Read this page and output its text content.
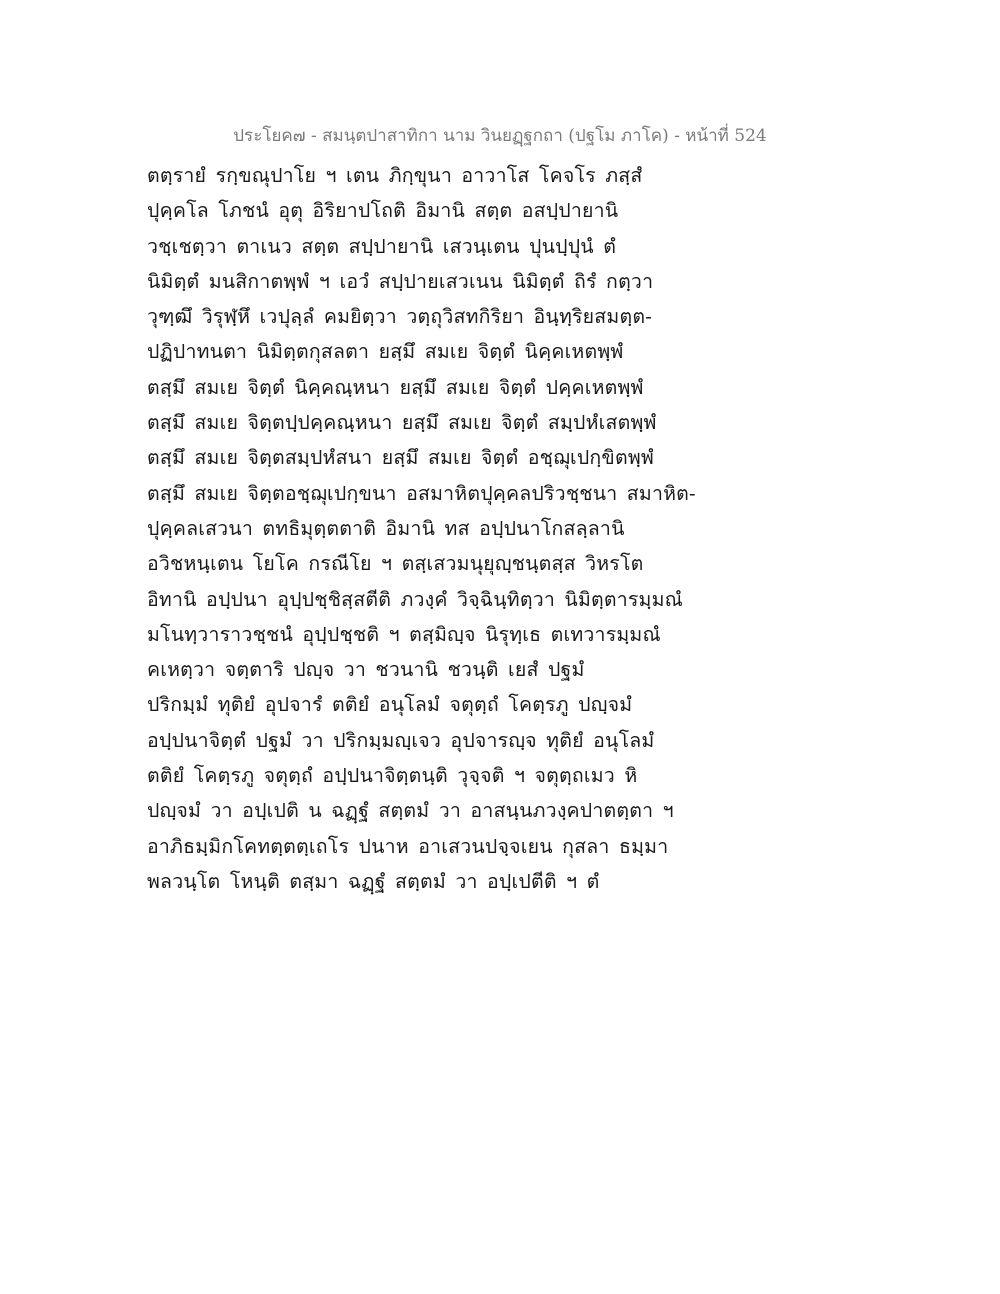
ประโยค๗ - สมนฺตปาสาทิกา นาม วินยฏฺฐกถา (ปฐโม ภาโค) - หน้าที่ 524
ตตฺรายํ รกฺขณุปาโย ฯ เตน ภิกฺขุนา อาวาโส โคจโร ภสฺสํ
ปุคฺคโล โภชนํ อุตุ อิริยาปโถติ อิมานิ สตฺต อสปฺปายานิ
วชฺเชตฺวา ตาเนว สตฺต สปฺปายานิ เสวนฺเตน ปุนปฺปุนํ ตํ
นิมิตฺตํ มนสิกาตพฺพํ ฯ เอวํ สปฺปายเสวเนน นิมิตฺตํ ถิรํ กตฺวา
วุฑฺฒึ วิรุฬฺหึ เวปุลฺลํ คมยิตฺวา วตฺถุวิสทกิริยา อินฺทฺริยสมตฺต-
ปฏิปาทนตา นิมิตฺตกุสลตา ยสฺมึ สมเย จิตฺตํ นิคฺคเหตพฺพํ
ตสฺมึ สมเย จิตฺตํ นิคฺคณฺหนา ยสฺมึ สมเย จิตฺตํ ปคฺคเหตพฺพํ
ตสฺมึ สมเย จิตฺตปฺปคฺคณฺหนา ยสฺมึ สมเย จิตฺตํ สมฺปหํเสตพฺพํ
ตสฺมึ สมเย จิตฺตสมฺปหํสนา ยสฺมึ สมเย จิตฺตํ อชฺฌุเปกฺขิตพฺพํ
ตสฺมึ สมเย จิตฺตอชฺฌุเปกฺขนา อสมาหิตปุคฺคลปริวชฺชนา สมาหิต-
ปุคฺคลเสวนา ตทธิมุตฺตตาติ อิมานิ ทส อปฺปนาโกสลฺลานิ
อวิชหนฺเตน โยโค กรณีโย ฯ ตสฺเสวมนุยุญฺชนฺตสฺส วิหรโต
อิทานิ อปฺปนา อุปฺปชฺชิสฺสตีติ ภวงฺคํ วิจฺฉินฺทิตฺวา นิมิตฺตารมฺมณํ
มโนทฺวาราวชฺชนํ อุปฺปชฺชติ ฯ ตสฺมิญฺจ นิรุทฺเธ ตเทวารมฺมณํ
คเหตฺวา จตฺตาริ ปญฺจ วา ชวนานิ ชวนฺติ เยสํ ปฐมํ
ปริกมฺมํ ทุติยํ อุปจารํ ตติยํ อนุโลมํ จตุตฺถํ โคตฺรภู ปญฺจมํ
อปฺปนาจิตฺตํ ปฐมํ วา ปริกมฺมญฺเจว อุปจารญฺจ ทุติยํ อนุโลมํ
ตติยํ โคตฺรภู จตุตฺถํ อปฺปนาจิตฺตนฺติ วุจฺจติ ฯ จตุตฺถเมว หิ
ปญฺจมํ วา อปฺเปติ น ฉฏฺฐํ สตฺตมํ วา อาสนฺนภวงฺคปาตตฺตา ฯ
อาภิธมฺมิกโคทตฺตตฺเถโร ปนาห อาเสวนปจฺจเยน กุสลา ธมฺมา
พลวนฺโต โหนฺติ ตสฺมา ฉฏฺฐํ สตฺตมํ วา อปฺเปตีติ ฯ ตํ
